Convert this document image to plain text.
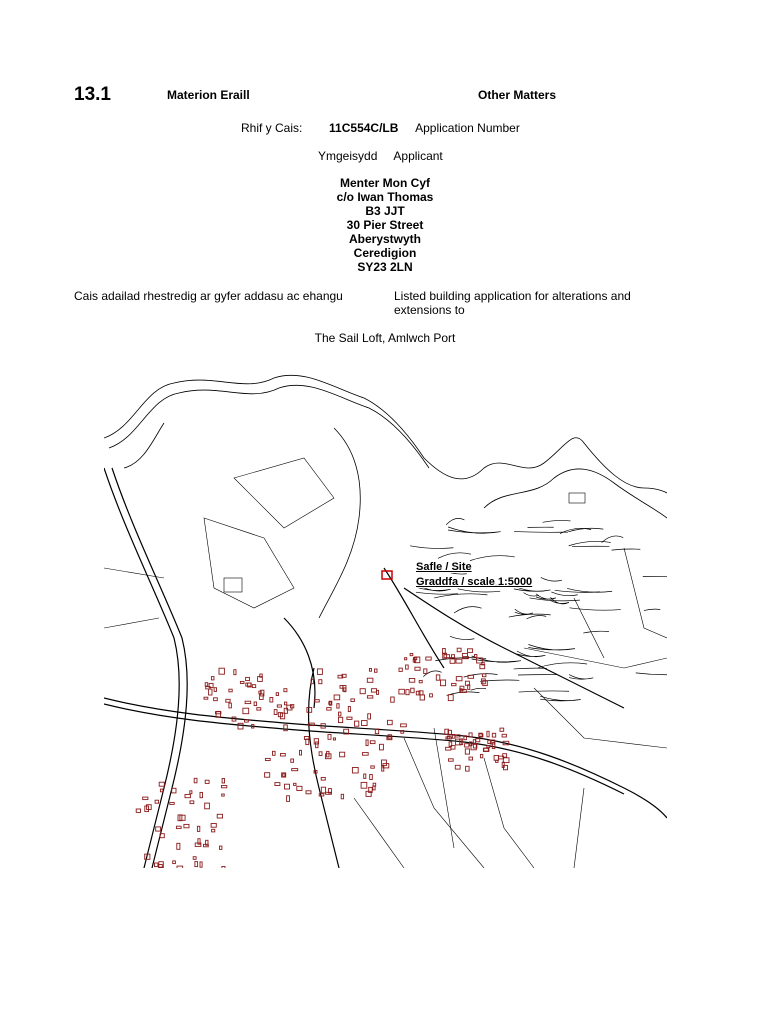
13.1	Materion Eraill	Other Matters
Rhif y Cais: 11C554C/LB Application Number
Ymgeisydd Applicant
Menter Mon Cyf
c/o Iwan Thomas
B3 JJT
30 Pier Street
Aberystwyth
Ceredigion
SY23 2LN
Cais adailad rhestredig ar gyfer addasu ac ehangu	Listed building application for alterations and extensions to
The Sail Loft, Amlwch Port
Safle / Site
Graddfa / scale 1:5000
